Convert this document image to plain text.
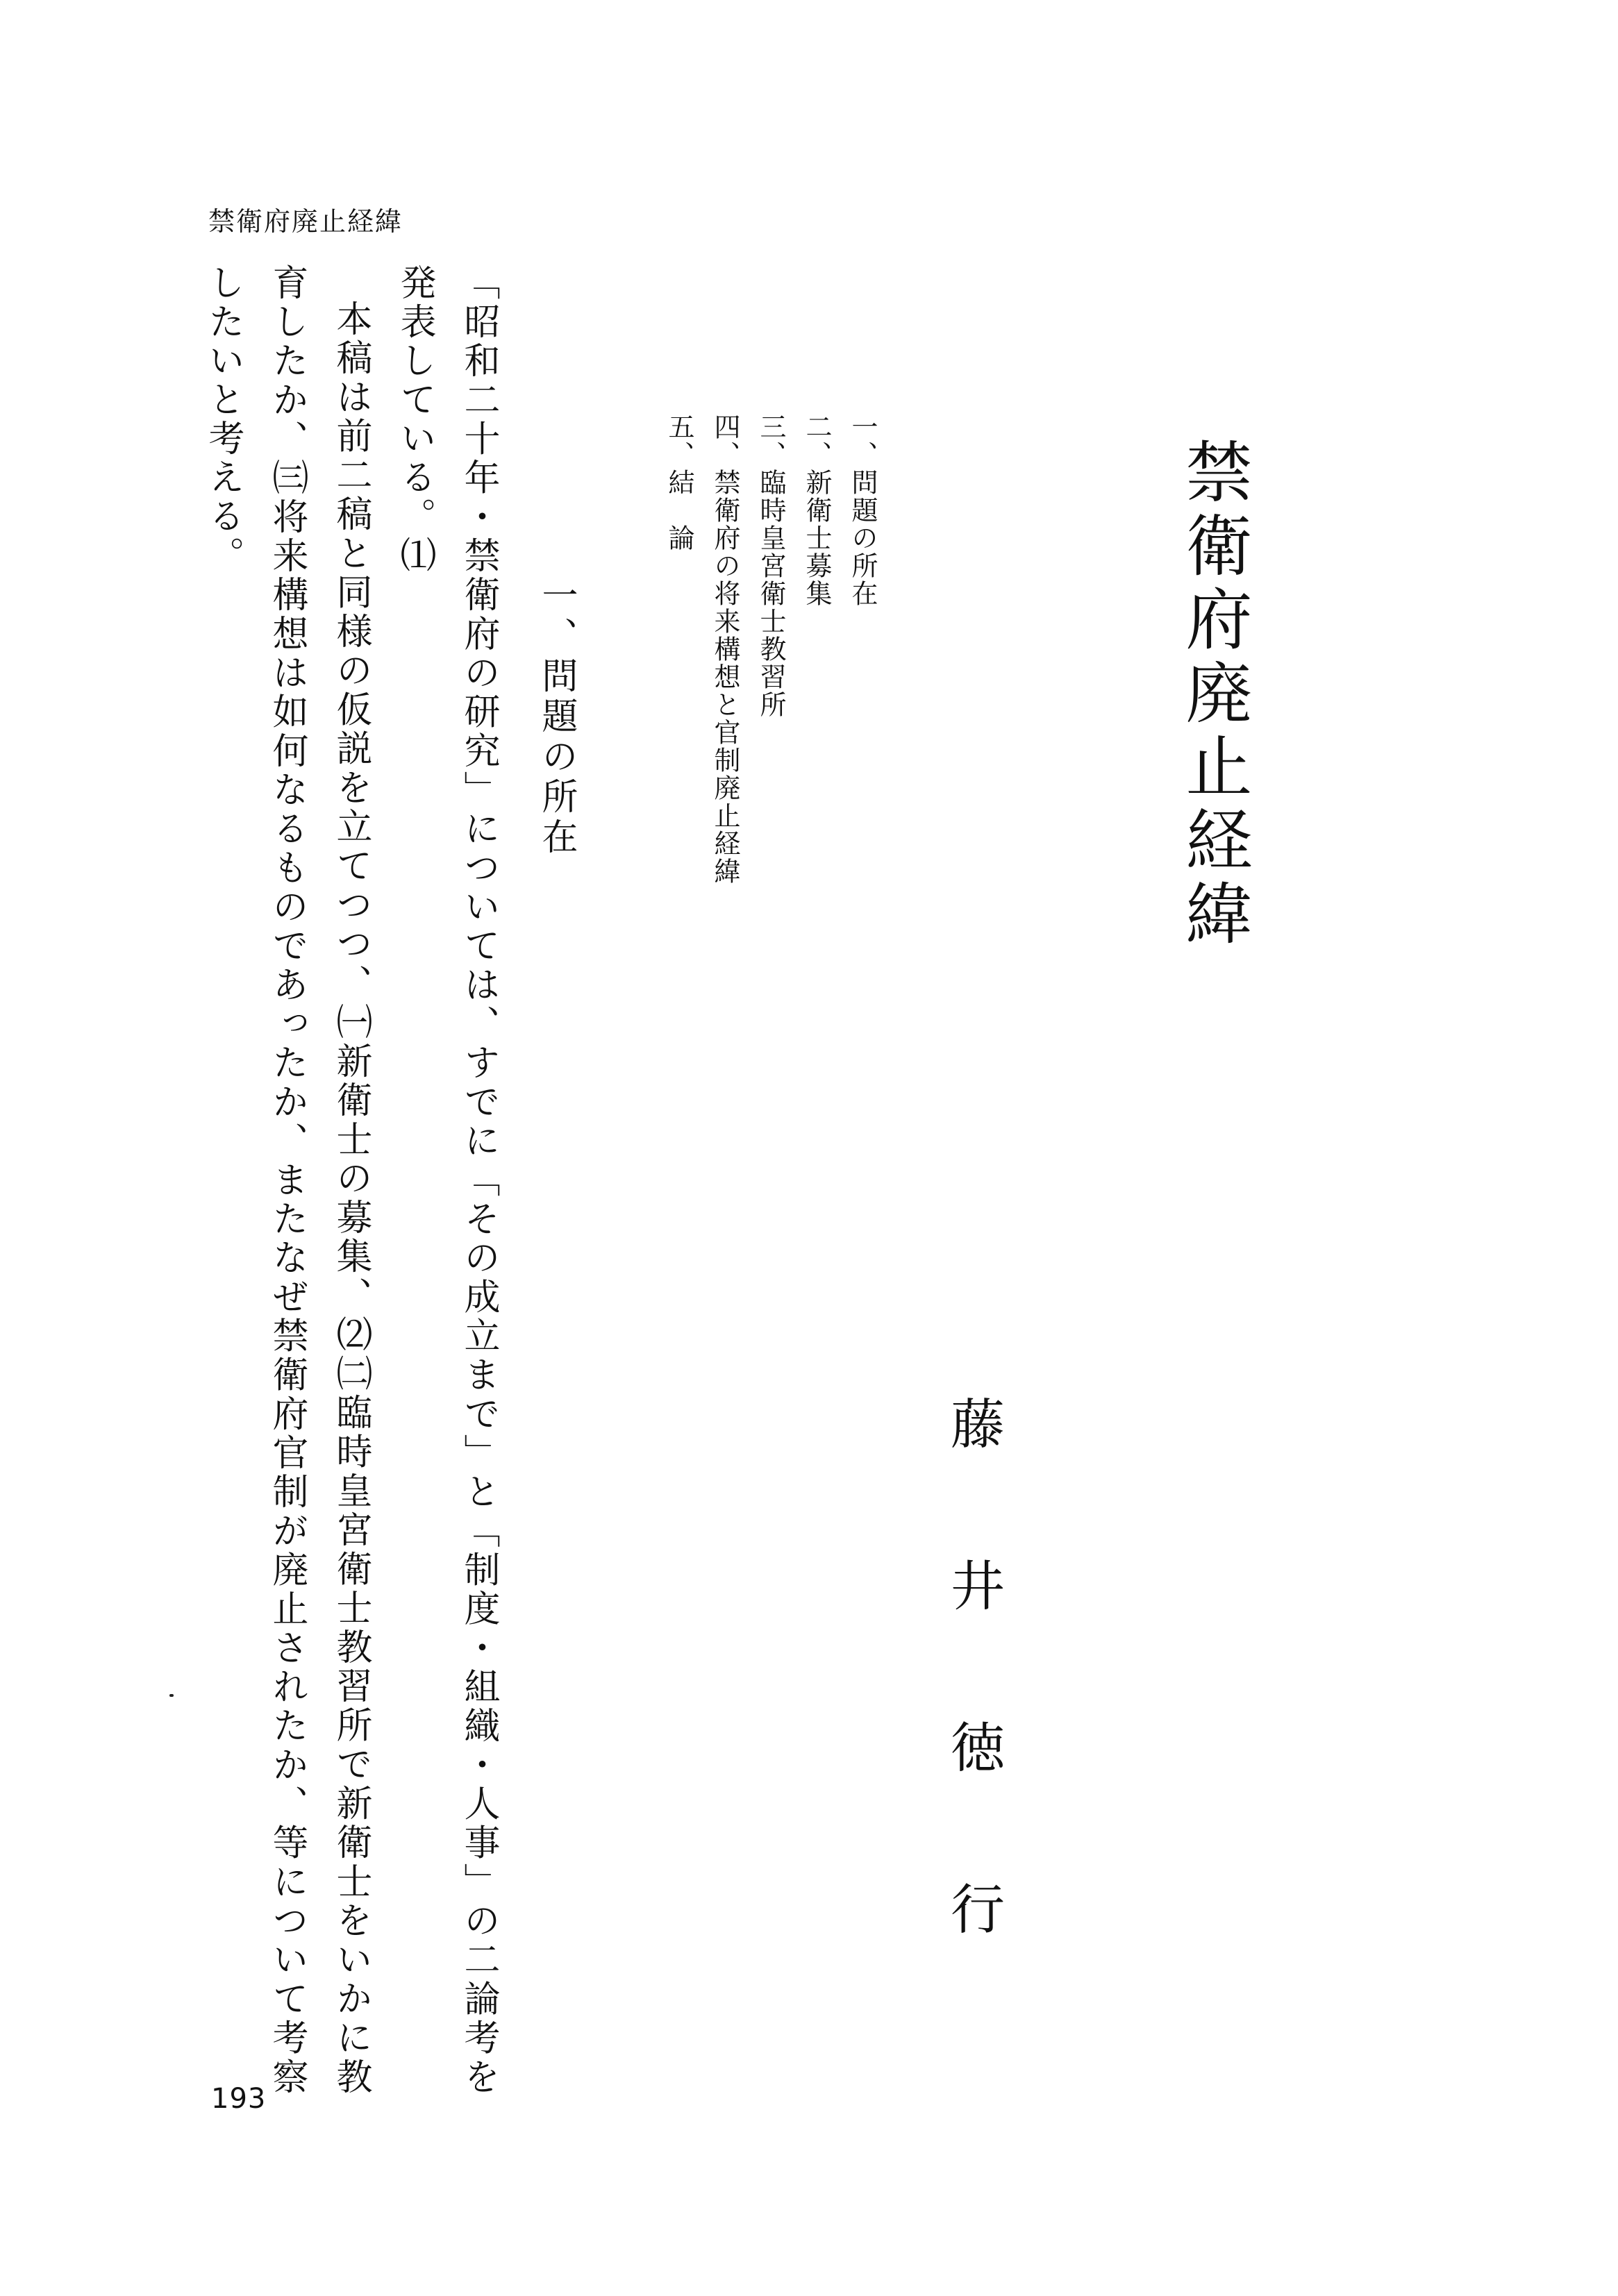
禁衛府廃止経緯
禁衛府廃止経緯
一、問題の所在
二、新衛士募集
三、臨時皇宮衛士教習所
四、禁衛府の将来構想と官制廃止経緯
五、結　論
藤井徳行
一、問題の所在

「昭和二十年・禁衛府の研究」については、すでに「その成立まで」と「制度・組織・人事」の二論考を発表している。⑴

本稿は前二稿と同様の仮説を立てつつ、㈠新衛士の募集、⑵㈡臨時皇宮衛士教習所で新衛士をいかに教育したか、㈢将来構想は如何なるものであったか、またなぜ禁衛府官制が廃止されたか、等について考察したいと考える。

193
